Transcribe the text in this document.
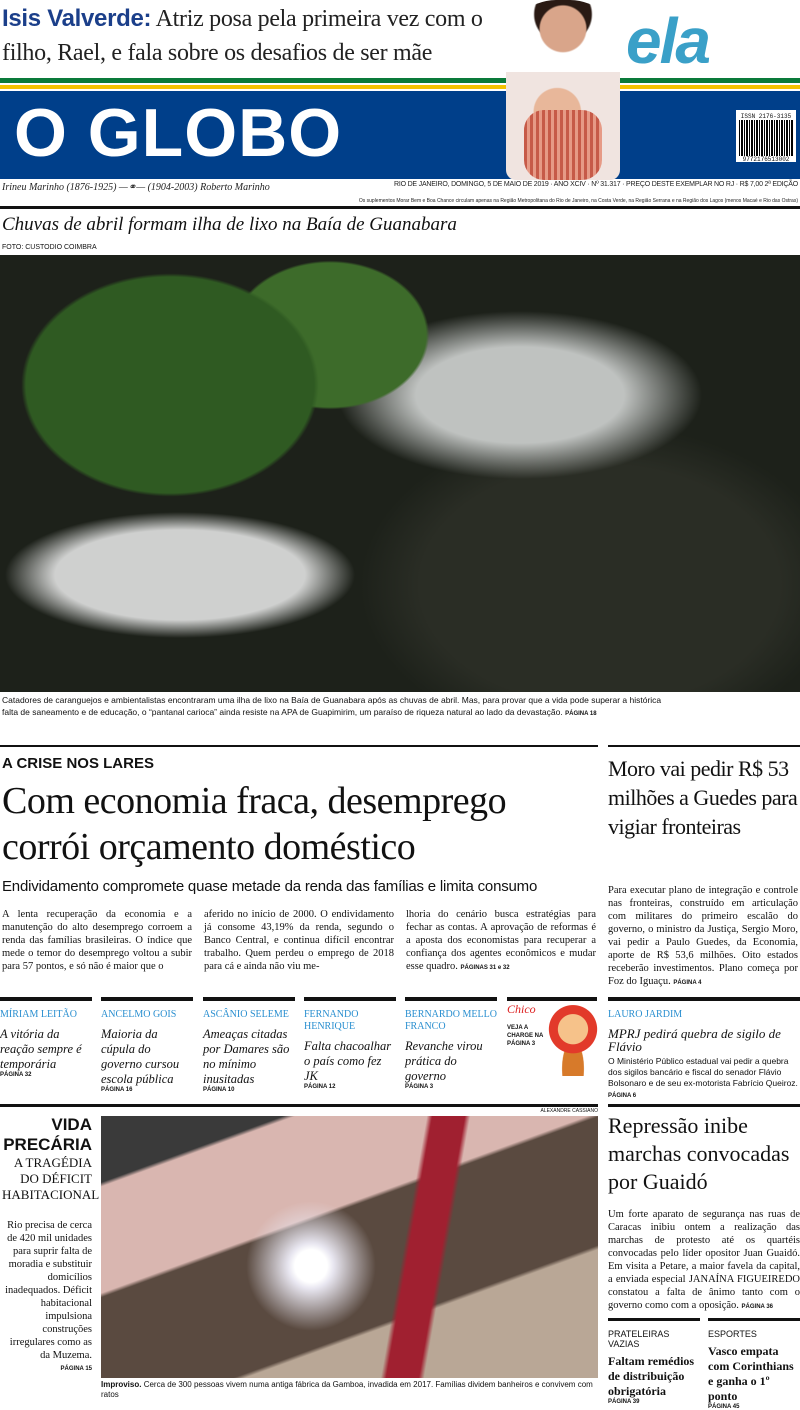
Isis Valverde: Atriz posa pela primeira vez com o filho, Rael, e fala sobre os desafios de ser mãe	ela
O GLOBO	ISSN 2176-3135
9772176513002
Irineu Marinho (1876-1925) —⚭— (1904-2003) Roberto Marinho	RIO DE JANEIRO, DOMINGO, 5 DE MAIO DE 2019 · ANO XCIV · Nº 31.317 · PREÇO DESTE EXEMPLAR NO RJ · R$ 7,00 2ª EDIÇÃO
Os suplementos Morar Bem e Boa Chance circulam apenas na Região Metropolitana do Rio de Janeiro, na Costa Verde, na Região Serrana e na Região dos Lagos (menos Macaé e Rio das Ostras)
Chuvas de abril formam ilha de lixo na Baía de Guanabara
FOTO: CUSTODIO COIMBRA
Catadores de caranguejos e ambientalistas encontraram uma ilha de lixo na Baía de Guanabara após as chuvas de abril. Mas, para provar que a vida pode superar a histórica falta de saneamento e de educação, o “pantanal carioca” ainda resiste na APA de Guapimirim, um paraíso de riqueza natural ao lado da devastação. PÁGINA 18
A CRISE NOS LARES
Com economia fraca, desemprego corrói orçamento doméstico
Endividamento compromete quase metade da renda das famílias e limita consumo
A lenta recuperação da economia e a manutenção do alto desemprego corroem a renda das famílias brasileiras. O índice que mede o temor do desemprego voltou a subir para 57 pontos, e só não é maior que o
aferido no início de 2000. O endividamento já consome 43,19% da renda, segundo o Banco Central, e continua difícil encontrar trabalho. Quem perdeu o emprego de 2018 para cá e ainda não viu me-
lhoria do cenário busca estratégias para fechar as contas. A aprovação de reformas é a aposta dos economistas para recuperar a confiança dos agentes econômicos e mudar esse quadro. PÁGINAS 31 e 32
Moro vai pedir R$ 53 milhões a Guedes para vigiar fronteiras
Para executar plano de integração e controle nas fronteiras, construído em articulação com militares do primeiro escalão do governo, o ministro da Justiça, Sergio Moro, vai pedir a Paulo Guedes, da Economia, aporte de R$ 53,6 milhões. Oito estados receberão investimentos. Plano começa por Foz do Iguaçu. PÁGINA 4
MÍRIAM LEITÃO
A vitória da reação sempre é temporária
PÁGINA 32
ANCELMO GOIS
Maioria da cúpula do governo cursou escola pública
PÁGINA 16
ASCÂNIO SELEME
Ameaças citadas por Damares são no mínimo inusitadas
PÁGINA 10
FERNANDO HENRIQUE
Falta chacoalhar o país como fez JK
PÁGINA 12
BERNARDO MELLO FRANCO
Revanche virou prática do governo
PÁGINA 3
Chico
VEJA A CHARGE NA PÁGINA 3
LAURO JARDIM
MPRJ pedirá quebra de sigilo de Flávio
O Ministério Público estadual vai pedir a quebra dos sigilos bancário e fiscal do senador Flávio Bolsonaro e de seu ex-motorista Fabrício Queiroz. PÁGINA 6
VIDA PRECÁRIA
A TRAGÉDIA DO DÉFICIT HABITACIONAL
Rio precisa de cerca de 420 mil unidades para suprir falta de moradia e substituir domicílios inadequados. Déficit habitacional impulsiona construções irregulares como as da Muzema.
PÁGINA 15
ALEXANDRE CASSIANO
Improviso. Cerca de 300 pessoas vivem numa antiga fábrica da Gamboa, invadida em 2017. Famílias dividem banheiros e convivem com ratos
Repressão inibe marchas convocadas por Guaidó
Um forte aparato de segurança nas ruas de Caracas inibiu ontem a realização das marchas de protesto até os quartéis convocadas pelo líder opositor Juan Guaidó. Em visita a Petare, a maior favela da capital, a enviada especial JANAÍNA FIGUEIREDO constatou a falta de ânimo tanto com o governo como com a oposição. PÁGINA 36
PRATELEIRAS VAZIAS
Faltam remédios de distribuição obrigatória
PÁGINA 39
ESPORTES
Vasco empata com Corinthians e ganha o 1º ponto
PÁGINA 45
